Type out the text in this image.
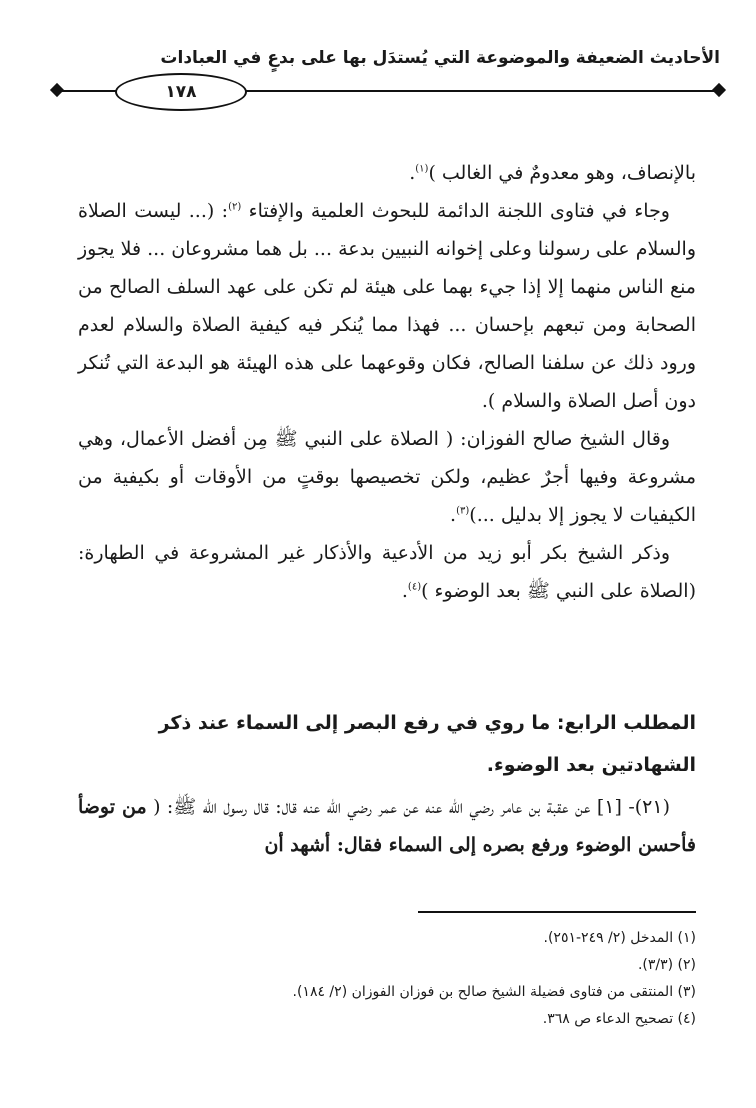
الأحاديث الضعيفة والموضوعة التي يُستدَل بها على بدعٍ في العبادات
١٧٨

بالإنصاف، وهو معدومٌ في الغالب )$^{(١)}$.

وجاء في فتاوى اللجنة الدائمة للبحوث العلمية والإفتاء $^{(٢)}$: (... ليست الصلاة والسلام على رسولنا وعلى إخوانه النبيين بدعة ... بل هما مشروعان ... فلا يجوز منع الناس منهما إلا إذا جيء بهما على هيئة لم تكن على عهد السلف الصالح من الصحابة ومن تبعهم بإحسان ... فهذا مما يُنكر فيه كيفية الصلاة والسلام لعدم ورود ذلك عن سلفنا الصالح، فكان وقوعهما على هذه الهيئة هو البدعة التي تُنكر دون أصل الصلاة والسلام ).

وقال الشيخ صالح الفوزان: ( الصلاة على النبي ﷺ مِن أفضل الأعمال، وهي مشروعة وفيها أجرٌ عظيم، ولكن تخصيصها بوقتٍ من الأوقات أو بكيفية من الكيفيات لا يجوز إلا بدليل ...)$^{(٣)}$.

وذكر الشيخ بكر أبو زيد من الأدعية والأذكار غير المشروعة في الطهارة: (الصلاة على النبي ﷺ بعد الوضوء )$^{(٤)}$.

المطلب الرابع: ما روي في رفع البصر إلى السماء عند ذكر الشهادتين بعد الوضوء.

(٢١)- [١] عن عقبة بن عامر رضي الله عنه عن عمر رضي الله عنه قال: قال رسول الله ﷺ: ( من توضأ فأحسن الوضوء ورفع بصره إلى السماء فقال: أشهد أن

(١) المدخل (٢/ ٢٤٩-٢٥١).
(٢) (٣/٣).
(٣) المنتقى من فتاوى فضيلة الشيخ صالح بن فوزان الفوزان (٢/ ١٨٤).
(٤) تصحيح الدعاء ص ٣٦٨.
